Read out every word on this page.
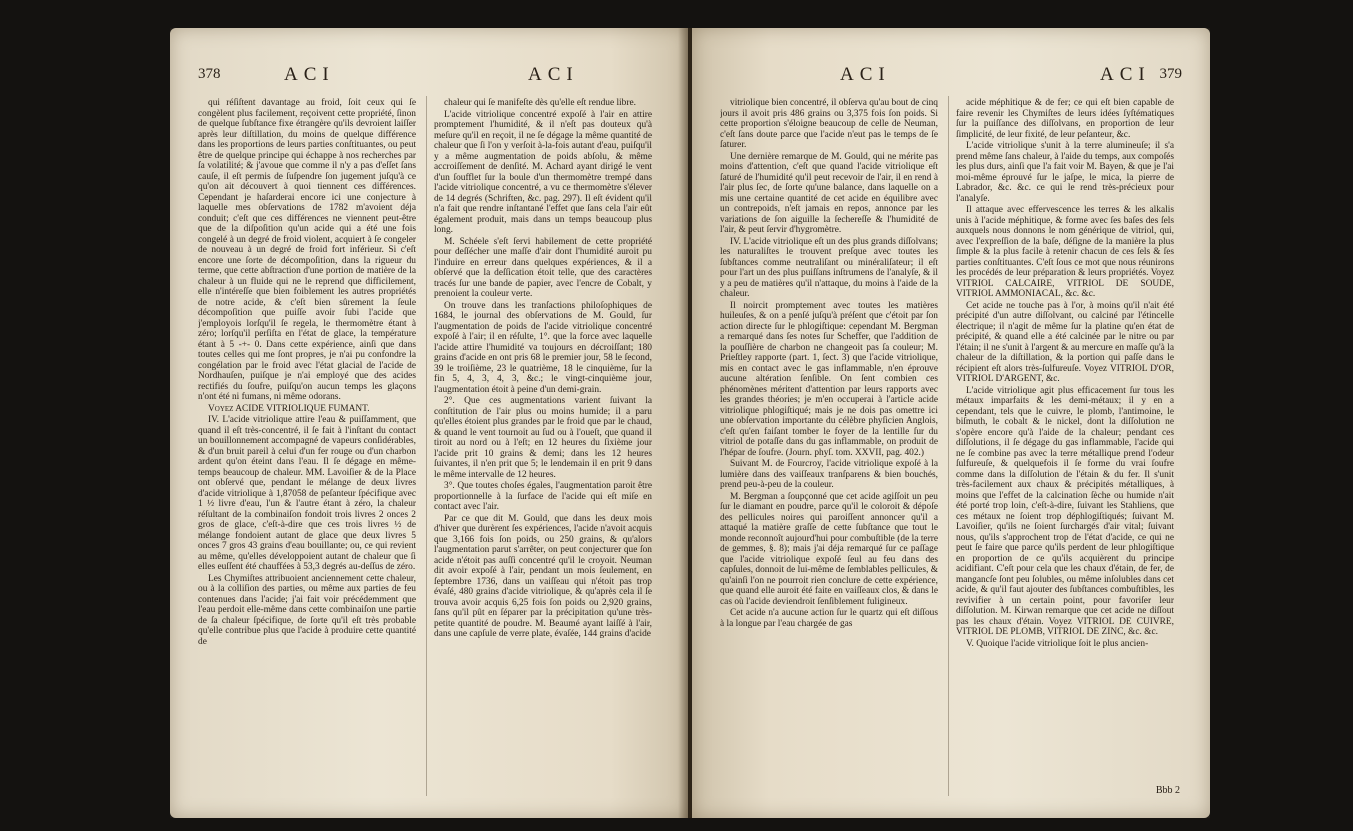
378	ACI	ACI

qui réſiſtent davantage au froid, ſoit ceux qui ſe congèlent plus facilement, reçoivent cette propriété, ſinon de quelque ſubſtance fixe étrangère qu'ils devroient laiſſer après leur diſtillation, du moins de quelque différence dans les proportions de leurs parties conſtituantes, ou peut être de quelque principe qui échappe à nos recherches par ſa volatilité; & j'avoue que comme il n'y a pas d'eſſet ſans cauſe, il eſt permis de ſuſpendre ſon jugement juſqu'à ce qu'on ait découvert à quoi tiennent ces différences. Cependant je haſarderai encore ici une conjecture à laquelle mes obſervations de 1782 m'avoient déja conduit; c'eſt que ces différences ne viennent peut-être que de la diſpoſition qu'un acide qui a été une fois congelé à un degré de froid violent, acquiert à ſe congeler de nouveau à un degré de froid fort inférieur. Si c'eſt encore une ſorte de décompoſition, dans la rigueur du terme, que cette abſtraction d'une portion de matière de la chaleur à un fluide qui ne le reprend que difficilement, elle n'intéreſſe que bien foiblement les autres propriétés de notre acide, & c'eſt bien sûrement la ſeule décompoſition que puiſſe avoir ſubi l'acide que j'employois lorſqu'il ſe regela, le thermomètre étant à zéro; lorſqu'il perſiſta en l'état de glace, la température étant à 5 -+- 0. Dans cette expérience, ainſi que dans toutes celles qui me ſont propres, je n'ai pu confondre la congélation par le froid avec l'état glacial de l'acide de Nordhauſen, puiſque je n'ai employé que des acides rectifiés du ſoufre, puiſqu'on aucun temps les glaçons n'ont été ni fumans, ni même odorans.

Voyez ACIDE VITRIOLIQUE FUMANT.

IV. L'acide vitriolique attire l'eau & puiſſamment, que quand il eſt très-concentré, il ſe fait à l'inſtant du contact un bouillonnement accompagné de vapeurs conſidérables, & d'un bruit pareil à celui d'un fer rouge ou d'un charbon ardent qu'on éteint dans l'eau. Il ſe dégage en même-temps beaucoup de chaleur. MM. Lavoiſier & de la Place ont obſervé que, pendant le mélange de deux livres d'acide vitriolique à 1,87058 de peſanteur ſpécifique avec 1 ½ livre d'eau, l'un & l'autre étant à zéro, la chaleur réſultant de la combinaiſon fondoit trois livres 2 onces 2 gros de glace, c'eſt-à-dire que ces trois livres ½ de mélange fondoient autant de glace que deux livres 5 onces 7 gros 43 grains d'eau bouillante; ou, ce qui revient au même, qu'elles développoient autant de chaleur que ſi elles euſſent été chauffées à 53,3 degrés au-deſſus de zéro.

Les Chymiſtes attribuoient anciennement cette chaleur, ou à la colliſion des parties, ou même aux parties de feu contenues dans l'acide; j'ai fait voir précédemment que l'eau perdoit elle-même dans cette combinaiſon une partie de ſa chaleur ſpécifique, de ſorte qu'il eſt très probable qu'elle contribue plus que l'acide à produire cette quantité de

chaleur qui ſe manifeſte dès qu'elle eſt rendue libre.

L'acide vitriolique concentré expoſé à l'air en attire promptement l'humidité, & il n'eſt pas douteux qu'à meſure qu'il en reçoit, il ne ſe dégage la même quantité de chaleur que ſi l'on y verſoit à-la-fois autant d'eau, puiſqu'il y a même augmentation de poids abſolu, & même accroiſſement de denſité. M. Achard ayant dirigé le vent d'un ſoufflet ſur la boule d'un thermomètre trempé dans l'acide vitriolique concentré, a vu ce thermomètre s'élever de 14 degrés (Schriften, &c. pag. 297). Il eſt évident qu'il n'a fait que rendre inſtantané l'effet que ſans cela l'air eût également produit, mais dans un temps beaucoup plus long.

M. Schéele s'eſt ſervi habilement de cette propriété pour deſſécher une maſſe d'air dont l'humidité auroit pu l'induire en erreur dans quelques expériences, & il a obſervé que la deſſication étoit telle, que des caractères tracés ſur une bande de papier, avec l'encre de Cobalt, y prenoient la couleur verte.

On trouve dans les tranſactions philoſophiques de 1684, le journal des obſervations de M. Gould, ſur l'augmentation de poids de l'acide vitriolique concentré expoſé à l'air; il en réſulte, 1°. que la force avec laquelle l'acide attire l'humidité va toujours en décroiſſant; 180 grains d'acide en ont pris 68 le premier jour, 58 le ſecond, 39 le troiſième, 23 le quatrième, 18 le cinquième, ſur la fin 5, 4, 3, 4, 3, &c.; le vingt-cinquième jour, l'augmentation étoit à peine d'un demi-grain.

2°. Que ces augmentations varient ſuivant la conſtitution de l'air plus ou moins humide; il a paru qu'elles étoient plus grandes par le froid que par le chaud, & quand le vent tournoit au ſud ou à l'oueſt, que quand il tiroit au nord ou à l'eſt; en 12 heures du ſixième jour l'acide prit 10 grains & demi; dans les 12 heures ſuivantes, il n'en prit que 5; le lendemain il en prit 9 dans le même intervalle de 12 heures.

3°. Que toutes choſes égales, l'augmentation paroit être proportionnelle à la ſurface de l'acide qui eſt miſe en contact avec l'air.

Par ce que dit M. Gould, que dans les deux mois d'hiver que durèrent ſes expériences, l'acide n'avoit acquis que 3,166 fois ſon poids, ou 250 grains, & qu'alors l'augmentation parut s'arrêter, on peut conjecturer que ſon acide n'étoit pas auſſi concentré qu'il le croyoit. Neuman dit avoir expoſé à l'air, pendant un mois ſeulement, en ſeptembre 1736, dans un vaiſſeau qui n'étoit pas trop évaſé, 480 grains d'acide vitriolique, & qu'après cela il ſe trouva avoir acquis 6,25 fois ſon poids ou 2,920 grains, ſans qu'il pût en ſéparer par la précipitation qu'une très-petite quantité de poudre. M. Beaumé ayant laiſſé à l'air, dans une capſule de verre plate, évaſée, 144 grains d'acide

ACI	ACI 379

vitriolique bien concentré, il obſerva qu'au bout de cinq jours il avoit pris 486 grains ou 3,375 fois ſon poids. Si cette proportion s'éloigne beaucoup de celle de Neuman, c'eſt ſans doute parce que l'acide n'eut pas le temps de ſe ſaturer.

Une dernière remarque de M. Gould, qui ne mérite pas moins d'attention, c'eſt que quand l'acide vitriolique eſt ſaturé de l'humidité qu'il peut recevoir de l'air, il en rend à l'air plus ſec, de ſorte qu'une balance, dans laquelle on a mis une certaine quantité de cet acide en équilibre avec un contrepoids, n'eſt jamais en repos, annonce par les variations de ſon aiguille la ſechereſſe & l'humidité de l'air, & peut ſervir d'hygromètre.

IV. L'acide vitriolique eſt un des plus grands diſſolvans; les naturaliſtes le trouvent preſque avec toutes les ſubſtances comme neutraliſant ou minéraliſateur; il eſt pour l'art un des plus puiſſans inſtrumens de l'analyſe, & il y a peu de matières qu'il n'attaque, du moins à l'aide de la chaleur.

Il noircit promptement avec toutes les matières huileuſes, & on a penſé juſqu'à préſent que c'étoit par ſon action directe ſur le phlogiſtique: cependant M. Bergman a remarqué dans ſes notes ſur Scheffer, que l'addition de la pouſſière de charbon ne changeoit pas ſa couleur; M. Prieſtley rapporte (part. 1, ſect. 3) que l'acide vitriolique, mis en contact avec le gas inflammable, n'en éprouve aucune altération ſenſible. On ſent combien ces phénomènes méritent d'attention par leurs rapports avec les grandes théories; je m'en occuperai à l'article acide vitriolique phlogiſtiqué; mais je ne dois pas omettre ici une obſervation importante du célèbre phyſicien Anglois, c'eſt qu'en faiſant tomber le foyer de la lentille ſur du vitriol de potaſſe dans du gas inflammable, on produit de l'hépar de ſoufre. (Journ. phyſ. tom. XXVII, pag. 402.)

Suivant M. de Fourcroy, l'acide vitriolique expoſé à la lumière dans des vaiſſeaux tranſparens & bien bouchés, prend peu-à-peu de la couleur.

M. Bergman a ſoupçonné que cet acide agiſſoit un peu ſur le diamant en poudre, parce qu'il le coloroit & dépoſe des pellicules noires qui paroiſſent annoncer qu'il a attaqué la matière graſſe de cette ſubſtance que tout le monde reconnoît aujourd'hui pour combuſtible (de la terre de gemmes, §. 8); mais j'ai déja remarqué ſur ce paſſage que l'acide vitriolique expoſé ſeul au feu dans des capſules, donnoit de lui-même de ſemblables pellicules, & qu'ainſi l'on ne pourroit rien conclure de cette expérience, que quand elle auroit été faite en vaiſſeaux clos, & dans le cas où l'acide deviendroit ſenſiblement fuligineux.

Cet acide n'a aucune action ſur le quartz qui eſt diſſous à la longue par l'eau chargée de gas

acide méphitique & de fer; ce qui eſt bien capable de faire revenir les Chymiſtes de leurs idées ſyſtématiques ſur la puiſſance des diſſolvans, en proportion de leur ſimplicité, de leur fixité, de leur peſanteur, &c.

L'acide vitriolique s'unit à la terre alumineuſe; il s'a prend même ſans chaleur, à l'aide du temps, aux compoſés les plus durs, ainſi que l'a fait voir M. Bayen, & que je l'ai moi-même éprouvé ſur le jaſpe, le mica, la pierre de Labrador, &c. &c. ce qui le rend très-précieux pour l'analyſe.

Il attaque avec effervescence les terres & les alkalis unis à l'acide méphitique, & forme avec ſes baſes des ſels auxquels nous donnons le nom générique de vitriol, qui, avec l'expreſſion de la baſe, déſigne de la manière la plus ſimple & la plus facile à retenir chacun de ces ſels & ſes parties conſtituantes. C'eſt ſous ce mot que nous réunirons les procédés de leur préparation & leurs propriétés. Voyez VITRIOL CALCAIRE, VITRIOL DE SOUDE, VITRIOL AMMONIACAL, &c. &c.

Cet acide ne touche pas à l'or, à moins qu'il n'ait été précipité d'un autre diſſolvant, ou calciné par l'étincelle électrique; il n'agit de même ſur la platine qu'en état de précipité, & quand elle a été calcinée par le nitre ou par l'étain; il ne s'unit à l'argent & au mercure en maſſe qu'à la chaleur de la diſtillation, & la portion qui paſſe dans le récipient eſt alors très-ſulfureuſe. Voyez VITRIOL D'OR, VITRIOL D'ARGENT, &c.

L'acide vitriolique agit plus efficacement ſur tous les métaux imparfaits & les demi-métaux; il y en a cependant, tels que le cuivre, le plomb, l'antimoine, le biſmuth, le cobalt & le nickel, dont la diſſolution ne s'opère encore qu'à l'aide de la chaleur; pendant ces diſſolutions, il ſe dégage du gas inflammable, l'acide qui ne ſe combine pas avec la terre métallique prend l'odeur ſulfureuſe, & quelquefois il ſe forme du vrai ſoufre comme dans la diſſolution de l'étain & du fer. Il s'unit très-facilement aux chaux & précipités métalliques, à moins que l'effet de la calcination ſèche ou humide n'ait été porté trop loin, c'eſt-à-dire, ſuivant les Stahliens, que ces métaux ne ſoient trop déphlogiſtiqués; ſuivant M. Lavoiſier, qu'ils ne ſoient ſurchargés d'air vital; ſuivant nous, qu'ils s'approchent trop de l'état d'acide, ce qui ne peut ſe faire que parce qu'ils perdent de leur phlogiſtique en proportion de ce qu'ils acquièrent du principe acidifiant. C'eſt pour cela que les chaux d'étain, de fer, de mangancſe ſont peu ſolubles, ou même inſolubles dans cet acide, & qu'il faut ajouter des ſubſtances combuſtibles, les revivifier à un certain point, pour favoriſer leur diſſolution. M. Kirwan remarque que cet acide ne diſſout pas les chaux d'étain. Voyez VITRIOL DE CUIVRE, VITRIOL DE PLOMB, VITRIOL DE ZINC, &c. &c.

V. Quoique l'acide vitriolique ſoit le plus ancien-

Bbb 2
